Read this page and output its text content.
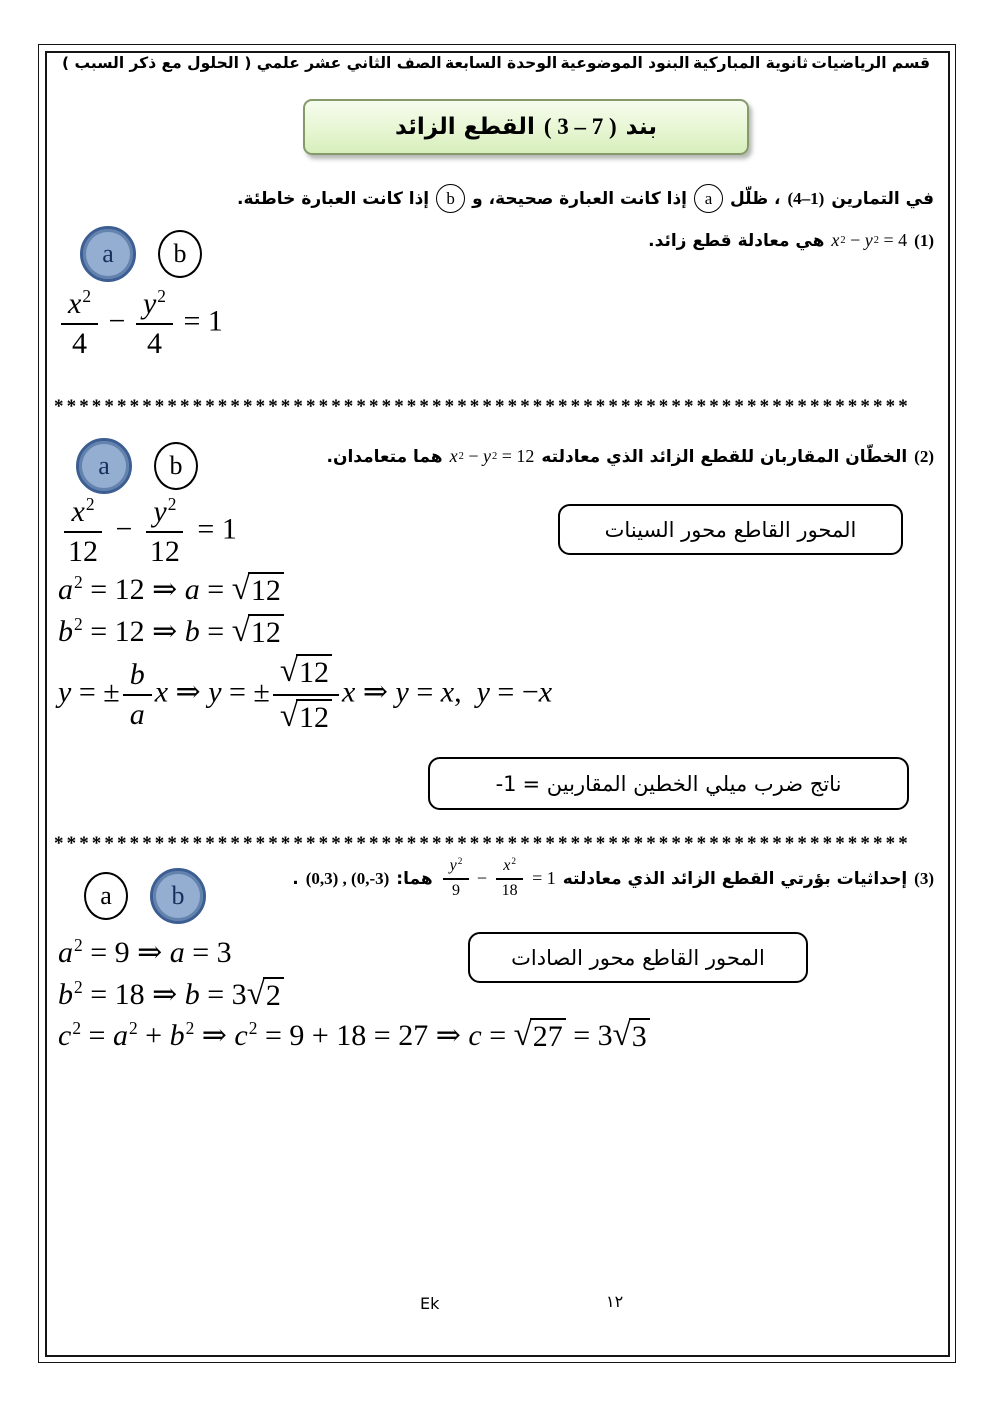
قسم الرياضيات
ثانوية المباركية
البنود الموضوعية
الوحدة السابعة
الصف الثاني عشر علمي ( الحلول مع ذكر السبب )
بند
( 3 – 7 )
القطع الزائد
في التمارين
(4–1)
، ظلّل
a
إذا كانت العبارة صحيحة، و
b
إذا كانت العبارة خاطئة.
a	b	(1)
x 2 − y 2 = 4
هي معادلة قطع زائد.
$\frac{x^2}{4} - \frac{y^2}{4} = 1$
********************************************************************
a	b	(2)
الخطّان المقاربان للقطع الزائد الذي معادلته
x 2 − y 2 = 12
هما متعامدان.
المحور القاطع محور السينات
$\frac{x^2}{12} - \frac{y^2}{12} = 1$
$a^2 = 12$ ⇒ a = √ 12
$b^2 = 12$ ⇒ b = √ 12
y = ± $\frac{b}{a}$ x ⇒ y = ± $\frac{√ 12}{√ 12}$ x ⇒ y = x,  y = −x
ناتج ضرب ميلي الخطين المقاربين =
-1
********************************************************************
a	b
(3)
إحداثيات بؤرتي القطع الزائد الذي معادلته
$\frac{y^2}{9} - \frac{x^2}{18} = 1$
هما:
(0,3) , (0,-3)
.
المحور القاطع محور الصادات
$a^2 = 9$ ⇒ a = 3
$b^2 = 18$ ⇒ b = 3 √ 2
$c^2 = a^2 + b^2$ ⇒ $c^2 = 9 + 18 = 27$ ⇒ c = √ 27 = 3 √ 3
Ek	١٢
